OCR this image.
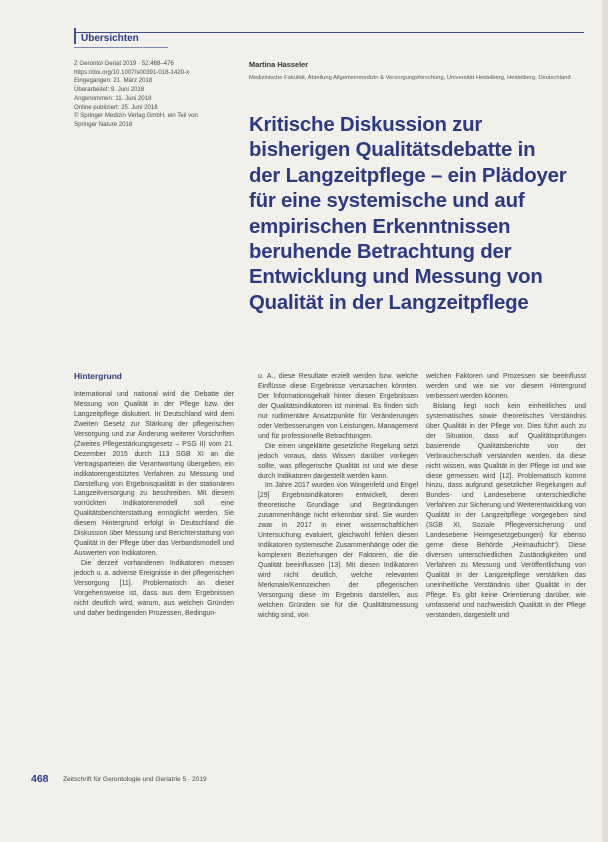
Übersichten
Z Gerontol Geriat 2019 · 52:468–476
https://doi.org/10.1007/s00391-018-1420-x
Eingegangen: 21. März 2018
Überarbeitet: 9. Juni 2018
Angenommen: 11. Juni 2018
Online publiziert: 25. Juni 2018
© Springer Medizin Verlag GmbH, ein Teil von
Springer Nature 2018
Martina Hasseler
Medizinische Fakultät, Abteilung Allgemeinmedizin & Versorgungsforschung, Universität Heidelberg, Heidelberg, Deutschland
Kritische Diskussion zur
bisherigen Qualitätsdebatte in
der Langzeitpflege – ein Plädoyer
für eine systemische und auf
empirischen Erkenntnissen
beruhende Betrachtung der
Entwicklung und Messung von
Qualität in der Langzeitpflege
Hintergrund

International und national wird die Debatte der Messung von Qualität in der Pflege bzw. der Langzeitpflege diskutiert. In Deutschland wird dem Zweiten Gesetz zur Stärkung der pflegerischen Versorgung und zur Änderung weiterer Vorschriften (Zweites Pflegestärkungsgesetz – PSG II) vom 21. Dezember 2015 durch 113 SGB XI an die Vertragsparteien die Verantwortung übergeben, ein indikatorengestütztes Verfahren zu Messung und Darstellung von Ergebnisqualität in der stationären Langzeitversorgung zu beschreiben. Mit diesem vorrückten Indikatorenmodell soll eine Qualitätsberichterstattung ermöglicht werden. Sie diesem Hintergrund erfolgt in Deutschland die Diskussion über Messung und Berichterstattung von Qualität in der Pflege über das Verbandsmodell und Auswerten von Indikatoren.

Die derzeit vorhandenen Indikatoren messen jedoch u. a. adverse Ereignisse in der pflegerischen Versorgung [11]. Problematisch an dieser Vorgehensweise ist, dass aus dem Ergebnissen nicht deutlich wird, warum, aus welchen Gründen und daher bedingenden Prozessen, Bedingun-

u. A., diese Resultate erzielt werden bzw. welche Einflüsse diese Ergebnisse verursachen könnten. Der Informationsgehalt hinter diesen Ergebnissen der Qualitätsindikatoren ist minimal. Es finden sich nur rudimentäre Ansatzpunkte für Veränderungen oder Verbesserungen von Leistungen, Management und für professionelle Betrachtungen.

Die einen ungeklärte gesetzliche Regelung setzt jedoch voraus, dass Wissen darüber vorliegen sollte, was pflegerische Qualität ist und wie diese durch Indikatoren dargestellt werden kann.

Im Jahre 2017 wurden von Wingenfeld und Engel [29] Ergebnisindikatoren entwickelt, deren theoretische Grundlage und Begründungen zusammenhänge nicht erkennbar sind. Sie wurden zwar in 2017 in einer wissenschaftlichen Untersuchung evaluiert, gleichwohl fehlen diesen Indikatoren systemische Zusammenhänge oder die komplexen Beziehungen der Faktoren, die die Qualität beeinflussen [13]. Mit diesen Indikatoren wird nicht deutlich, welche relevanten Merkmale/Kennzeichen der pflegerischen Versorgung diese im Ergebnis darstellen, aus welchen Gründen sie für die Qualitätsmessung wichtig sind, von

welchen Faktoren und Prozessen sie beeinflusst werden und wie sie vor diesem Hintergrund verbessert werden können.

Bislang liegt noch kein einheitliches und systematisches sowie theoretisches Verständnis über Qualität in der Pflege vor. Dies führt auch zu der Situation, dass auf Qualitätsprüfungen basierende Qualitätsberichte von der Verbraucherschaft verstanden werden, da diese nicht wissen, was Qualität in der Pflege ist und wie diese gemessen wird [12]. Problematisch kommt hinzu, dass aufgrund gesetzlicher Regelungen auf Bundes- und Landesebene unterschiedliche Verfahren zur Sicherung und Weiterentwicklung von Qualität in der Langzeitpflege vorgegeben sind (SGB XI, Soziale Pflegeversicherung und Landesebene Heimgesetzgebungen) für ebenso gerne diese Behörde „Heimaufsicht“). Diese diversen unterschiedlichen Zuständigkeiten und Verfahren zu Messung und Veröffentlichung von Qualität in der Langzeitpflege verstärken das uneinheitliche Verständnis über Qualität in der Pflege. Es gibt keine Orientierung darüber, wie umfassend und nachweislich Qualität in der Pflege verstanden, dargestellt und

468 Zeitschrift für Gerontologie und Geriatrie 5 · 2019
